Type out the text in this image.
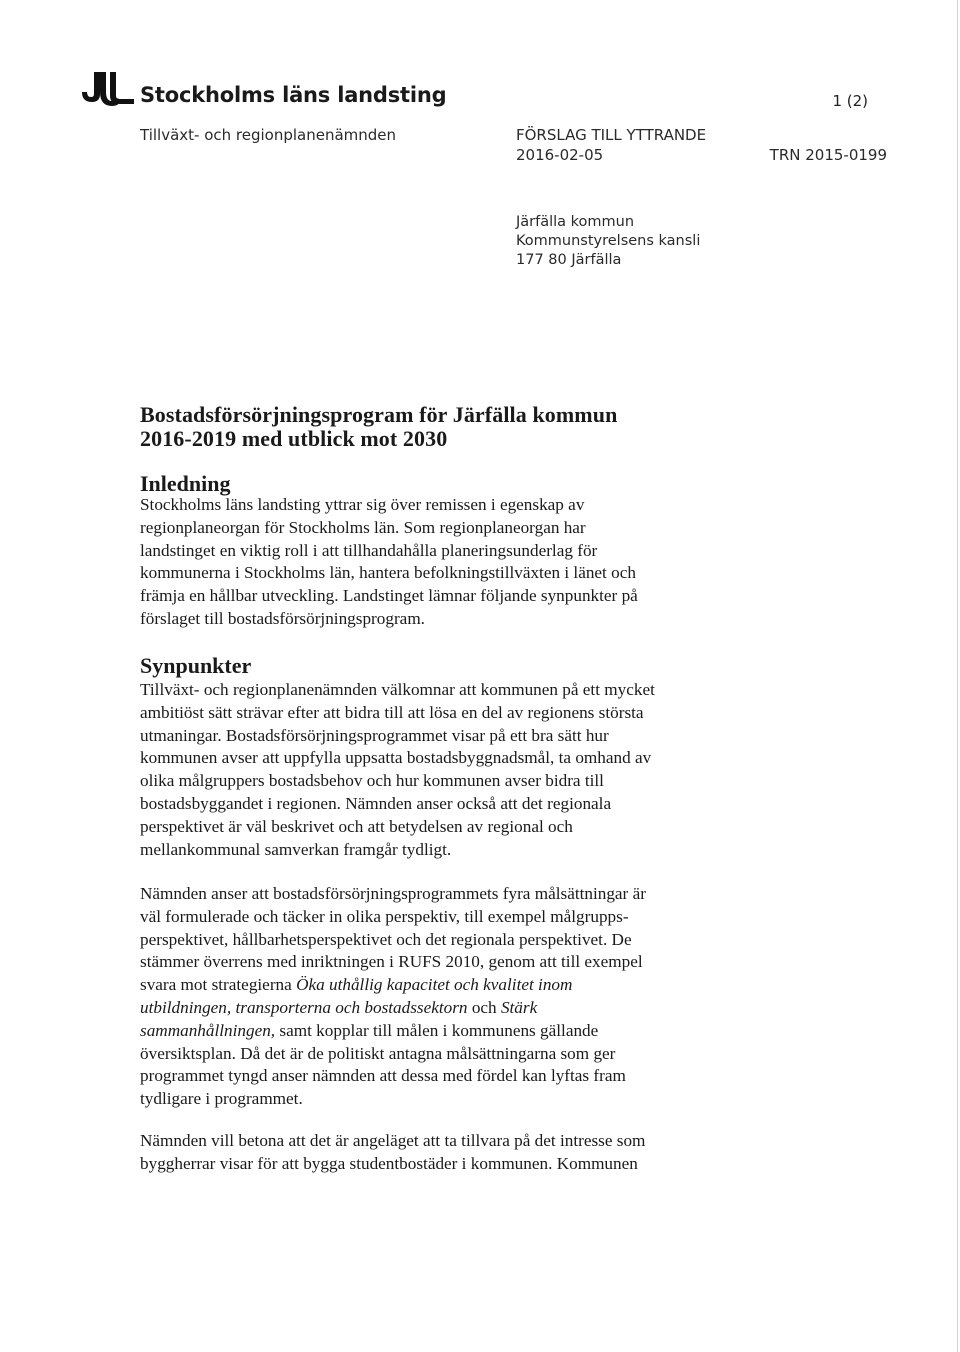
Stockholms läns landsting	1 (2)
Tillväxt- och regionplanenämnden	FÖRSLAG TILL YTTRANDE
2016-02-05	TRN 2015-0199
Järfälla kommun
Kommunstyrelsens kansli
177 80 Järfälla
Bostadsförsörjningsprogram för Järfälla kommun
2016-2019 med utblick mot 2030
Inledning
Stockholms läns landsting yttrar sig över remissen i egenskap av
regionplaneorgan för Stockholms län. Som regionplaneorgan har
landstinget en viktig roll i att tillhandahålla planeringsunderlag för
kommunerna i Stockholms län, hantera befolkningstillväxten i länet och
främja en hållbar utveckling. Landstinget lämnar följande synpunkter på
förslaget till bostadsförsörjningsprogram.
Synpunkter
Tillväxt- och regionplanenämnden välkomnar att kommunen på ett mycket
ambitiöst sätt strävar efter att bidra till att lösa en del av regionens största
utmaningar. Bostadsförsörjningsprogrammet visar på ett bra sätt hur
kommunen avser att uppfylla uppsatta bostadsbyggnadsmål, ta omhand av
olika målgruppers bostadsbehov och hur kommunen avser bidra till
bostadsbyggandet i regionen. Nämnden anser också att det regionala
perspektivet är väl beskrivet och att betydelsen av regional och
mellankommunal samverkan framgår tydligt.
Nämnden anser att bostadsförsörjningsprogrammets fyra målsättningar är
väl formulerade och täcker in olika perspektiv, till exempel målgrupps-
perspektivet, hållbarhetsperspektivet och det regionala perspektivet. De
stämmer överrens med inriktningen i RUFS 2010, genom att till exempel
svara mot strategierna Öka uthållig kapacitet och kvalitet inom
utbildningen, transporterna och bostadssektorn och Stärk
sammanhållningen, samt kopplar till målen i kommunens gällande
översiktsplan. Då det är de politiskt antagna målsättningarna som ger
programmet tyngd anser nämnden att dessa med fördel kan lyftas fram
tydligare i programmet.
Nämnden vill betona att det är angeläget att ta tillvara på det intresse som
byggherrar visar för att bygga studentbostäder i kommunen. Kommunen
